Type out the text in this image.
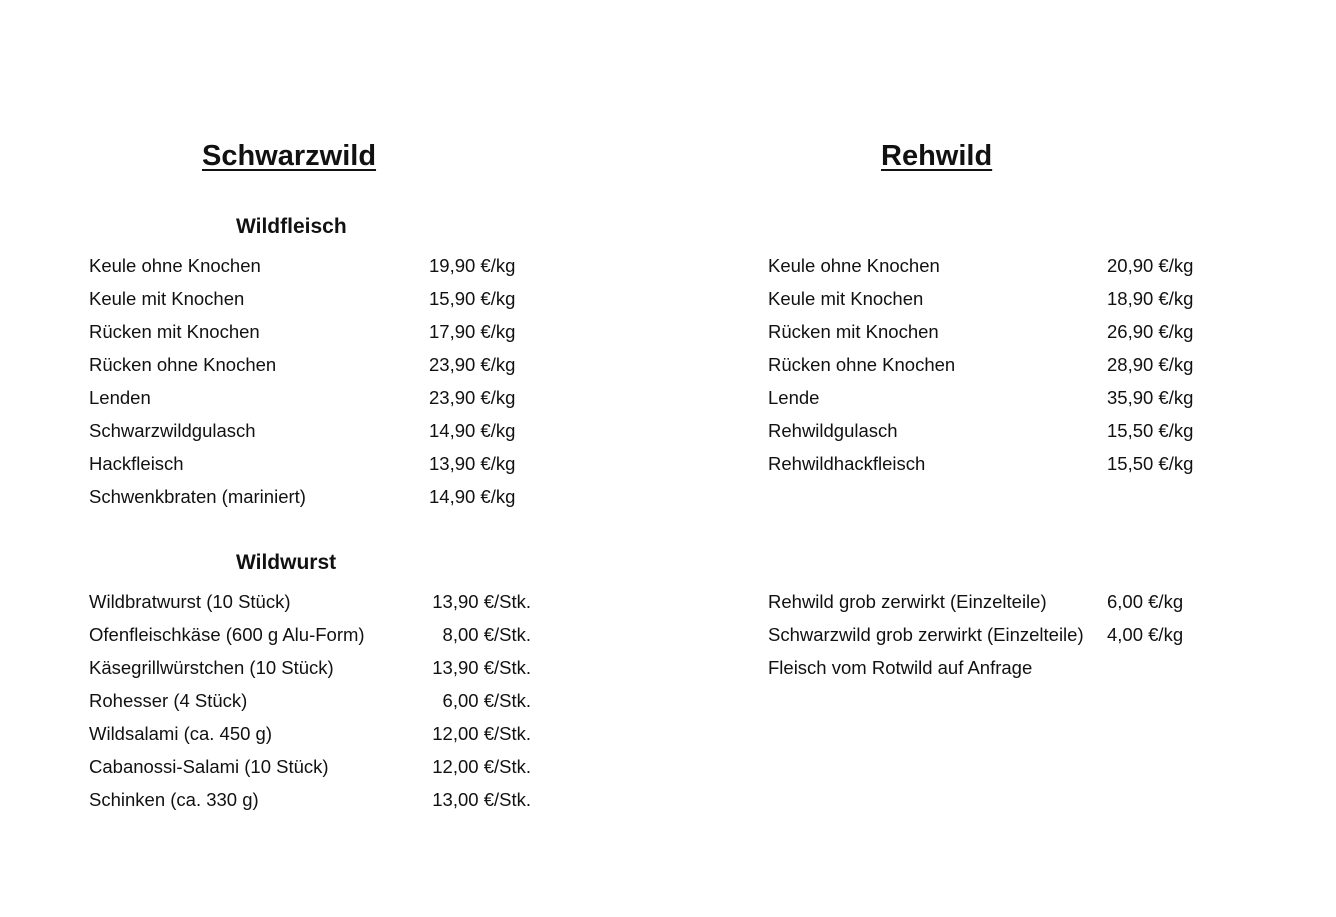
Schwarzwild
Wildfleisch
Keule ohne Knochen	19,90 €/kg
Keule mit Knochen	15,90 €/kg
Rücken mit Knochen	17,90 €/kg
Rücken ohne Knochen	23,90 €/kg
Lenden	23,90 €/kg
Schwarzwildgulasch	14,90 €/kg
Hackfleisch	13,90 €/kg
Schwenkbraten (mariniert)	14,90 €/kg
Wildwurst
Wildbratwurst (10 Stück)	13,90 €/Stk.
Ofenfleischkäse (600 g Alu-Form)	8,00 €/Stk.
Käsegrillwürstchen (10 Stück)	13,90 €/Stk.
Rohesser (4 Stück)	6,00 €/Stk.
Wildsalami (ca. 450 g)	12,00 €/Stk.
Cabanossi-Salami (10 Stück)	12,00 €/Stk.
Schinken (ca. 330 g)	13,00 €/Stk.
Rehwild
Keule ohne Knochen	20,90 €/kg
Keule mit Knochen	18,90 €/kg
Rücken mit Knochen	26,90 €/kg
Rücken ohne Knochen	28,90 €/kg
Lende	35,90 €/kg
Rehwildgulasch	15,50 €/kg
Rehwildhackfleisch	15,50 €/kg
Rehwild grob zerwirkt (Einzelteile)	6,00 €/kg
Schwarzwild grob zerwirkt (Einzelteile) 4,00 €/kg
Fleisch vom Rotwild auf Anfrage
